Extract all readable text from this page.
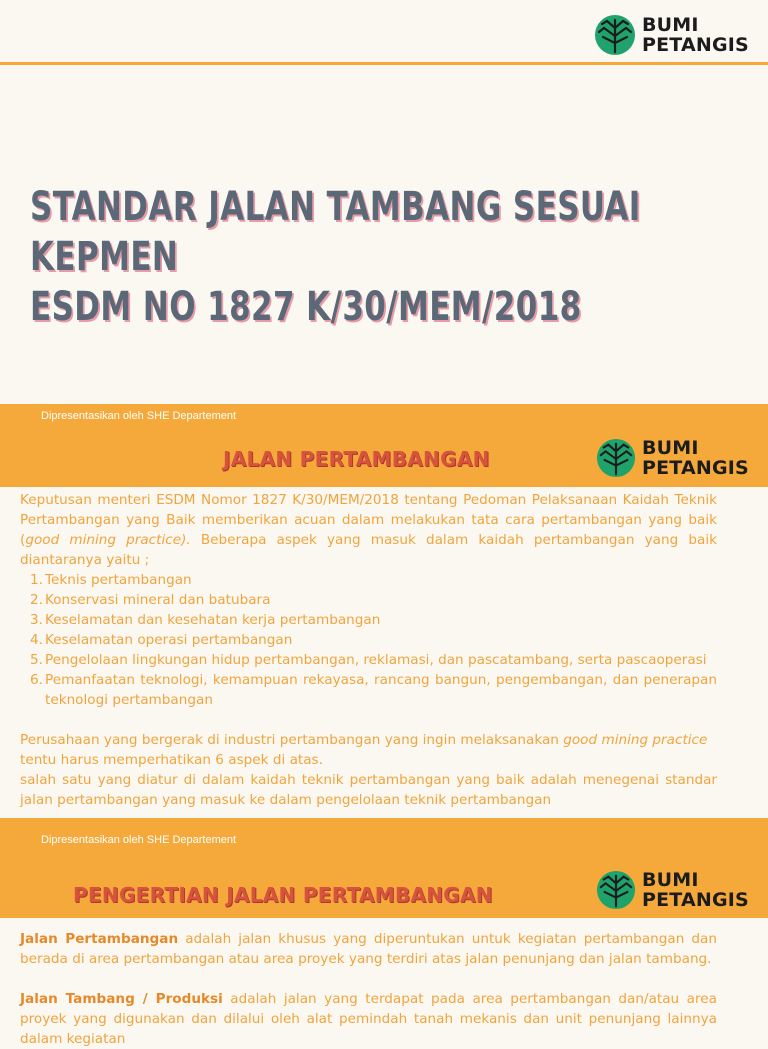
BUMI
PETANGIS
STANDAR JALAN TAMBANG SESUAI KEPMEN
ESDM NO 1827 K/30/MEM/2018
Dipresentasikan oleh SHE Departement
JALAN PERTAMBANGAN	BUMI
PETANGIS

Keputusan menteri ESDM Nomor 1827 K/30/MEM/2018 tentang Pedoman Pelaksanaan Kaidah Teknik Pertambangan yang Baik memberikan acuan dalam melakukan tata cara pertambangan yang baik (good mining practice). Beberapa aspek yang masuk dalam kaidah pertambangan yang baik diantaranya yaitu ;

1. Teknis pertambangan
2. Konservasi mineral dan batubara
3. Keselamatan dan kesehatan kerja pertambangan
4. Keselamatan operasi pertambangan
5. Pengelolaan lingkungan hidup pertambangan, reklamasi, dan pascatambang, serta pascaoperasi
6. Pemanfaatan teknologi, kemampuan rekayasa, rancang bangun, pengembangan, dan penerapan teknologi pertambangan

Perusahaan yang bergerak di industri pertambangan yang ingin melaksanakan good mining practice
tentu harus memperhatikan 6 aspek di atas.

salah satu yang diatur di dalam kaidah teknik pertambangan yang baik adalah menegenai standar jalan pertambangan yang masuk ke dalam pengelolaan teknik pertambangan

Dipresentasikan oleh SHE Departement
PENGERTIAN JALAN PERTAMBANGAN
BUMI
PETANGIS

Jalan Pertambangan adalah jalan khusus yang diperuntukan untuk kegiatan pertambangan dan berada di area pertambangan atau area proyek yang terdiri atas jalan penunjang dan jalan tambang.

Jalan Tambang / Produksi adalah jalan yang terdapat pada area pertambangan dan/atau area proyek yang digunakan dan dilalui oleh alat pemindah tanah mekanis dan unit penunjang lainnya dalam kegiatan
